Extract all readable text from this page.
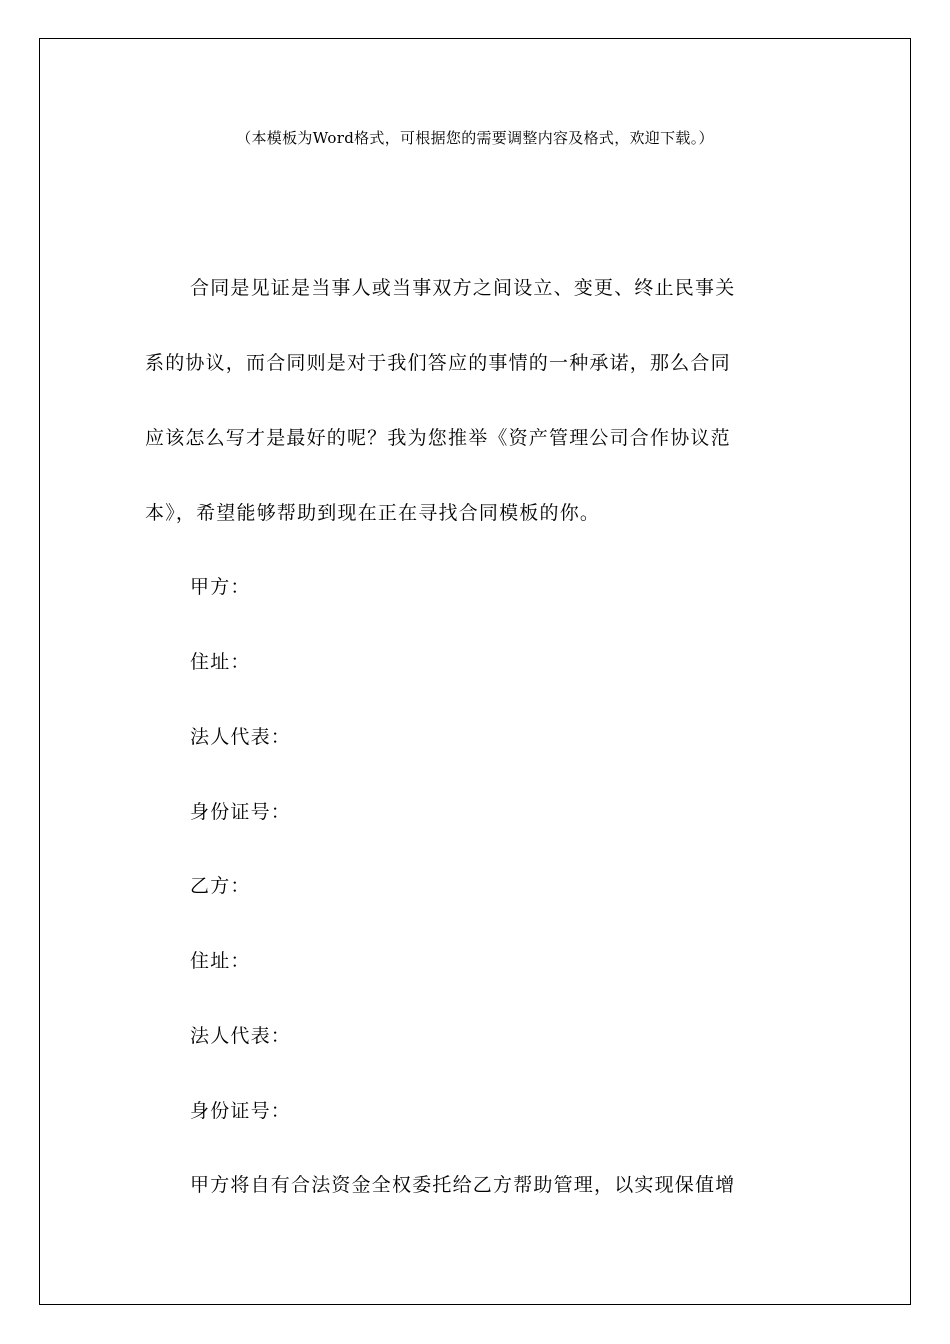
（本模板为Word格式，可根据您的需要调整内容及格式，欢迎下载。）
合同是见证是当事人或当事双方之间设立、变更、终止民事关
系的协议，而合同则是对于我们答应的事情的一种承诺，那么合同
应该怎么写才是最好的呢？我为您推举《资产管理公司合作协议范
本》，希望能够帮助到现在正在寻找合同模板的你。
甲方：
住址：
法人代表：
身份证号：
乙方：
住址：
法人代表：
身份证号：
甲方将自有合法资金全权委托给乙方帮助管理，以实现保值增
